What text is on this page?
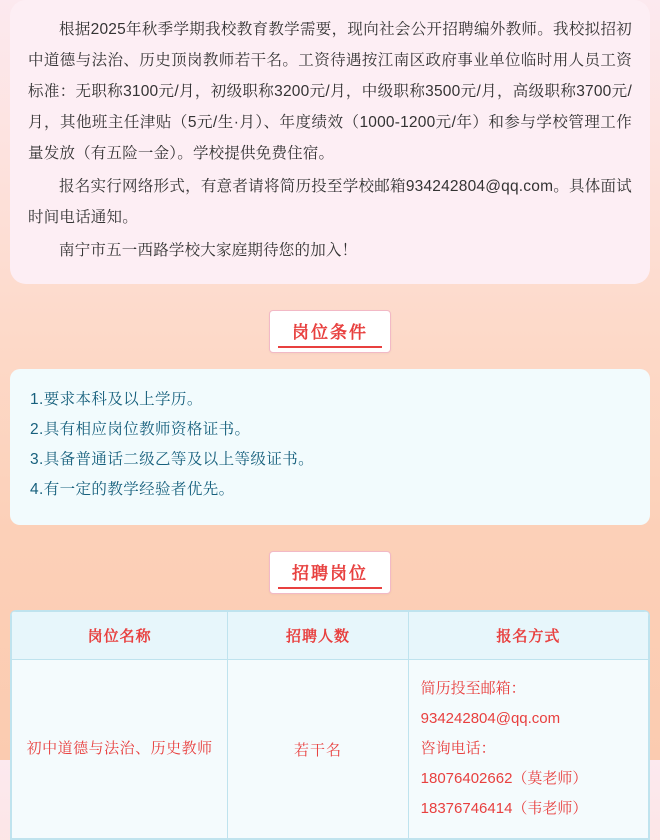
根据2025年秋季学期我校教育教学需要，现向社会公开招聘编外教师。我校拟招初中道德与法治、历史顶岗教师若干名。工资待遇按江南区政府事业单位临时用人员工资标准：无职称3100元/月，初级职称3200元/月，中级职称3500元/月，高级职称3700元/月，其他班主任津贴（5元/生·月）、年度绩效（1000-1200元/年）和参与学校管理工作量发放（有五险一金）。学校提供免费住宿。

报名实行网络形式，有意者请将简历投至学校邮箱934242804@qq.com。具体面试时间电话通知。

南宁市五一西路学校大家庭期待您的加入！

岗位条件
1.要求本科及以上学历。
2.具有相应岗位教师资格证书。
3.具备普通话二级乙等及以上等级证书。
4.有一定的教学经验者优先。
招聘岗位
岗位名称	招聘人数	报名方式
初中道德与法治、历史教师	若干名	简历投至邮箱：
934242804@qq.com
咨询电话：
18076402662（莫老师）
18376746414（韦老师）
